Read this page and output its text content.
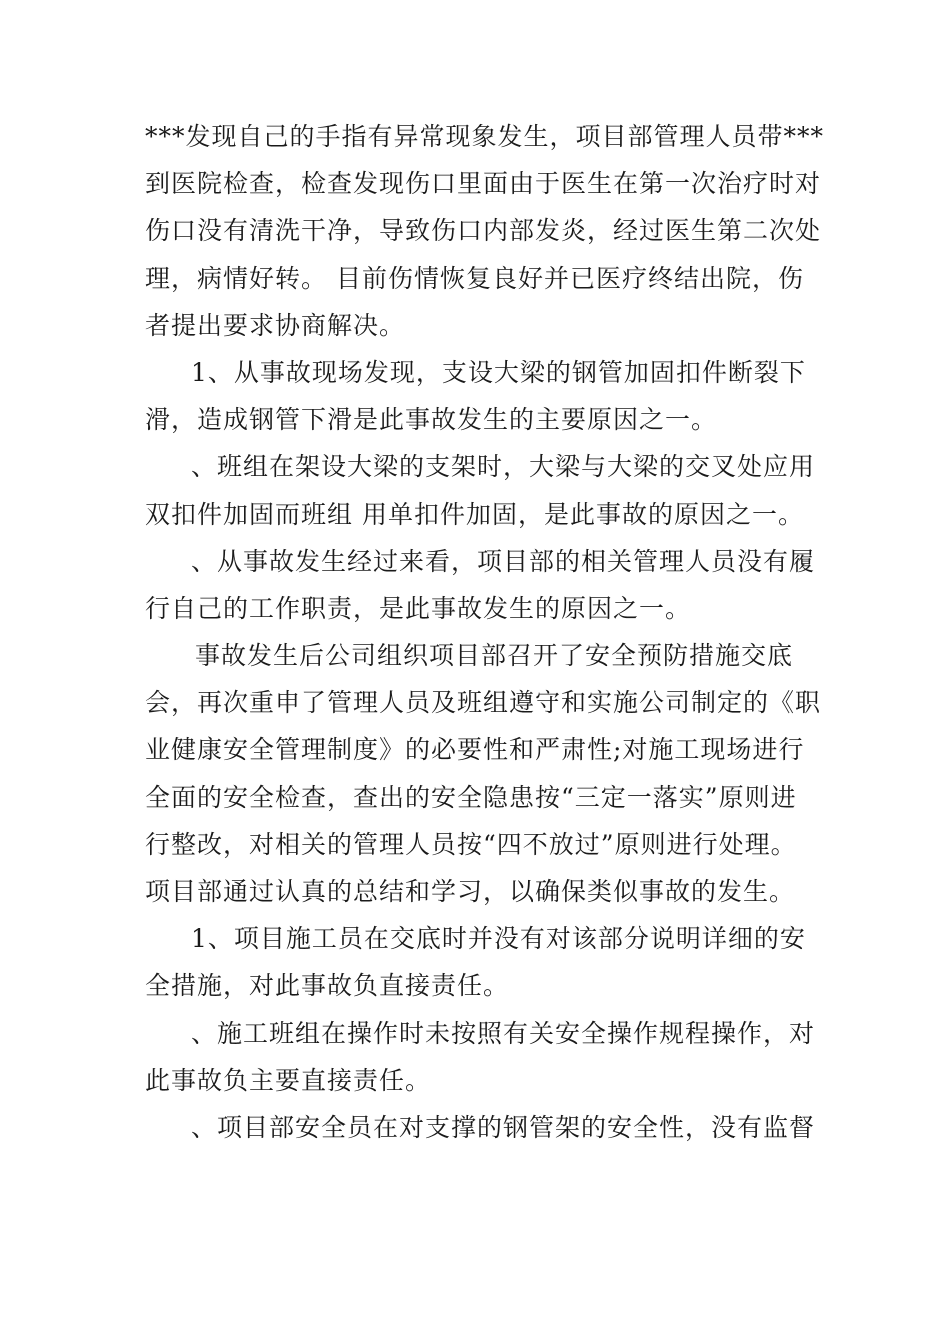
***发现自己的手指有异常现象发生，项目部管理人员带***
到医院检查，检查发现伤口里面由于医生在第一次治疗时对
伤口没有清洗干净，导致伤口内部发炎，经过医生第二次处
理，病情好转。 目前伤情恢复良好并已医疗终结出院，伤
者提出要求协商解决。
1、从事故现场发现，支设大梁的钢管加固扣件断裂下
滑，造成钢管下滑是此事故发生的主要原因之一。
、班组在架设大梁的支架时，大梁与大梁的交叉处应用
双扣件加固而班组 用单扣件加固，是此事故的原因之一。
、从事故发生经过来看，项目部的相关管理人员没有履
行自己的工作职责，是此事故发生的原因之一。
事故发生后公司组织项目部召开了安全预防措施交底
会，再次重申了管理人员及班组遵守和实施公司制定的《职
业健康安全管理制度》的必要性和严肃性;对施工现场进行
全面的安全检查，查出的安全隐患按“三定一落实”原则进
行整改，对相关的管理人员按“四不放过”原则进行处理。
项目部通过认真的总结和学习，以确保类似事故的发生。
1、项目施工员在交底时并没有对该部分说明详细的安
全措施，对此事故负直接责任。
、施工班组在操作时未按照有关安全操作规程操作，对
此事故负主要直接责任。
、项目部安全员在对支撑的钢管架的安全性，没有监督
